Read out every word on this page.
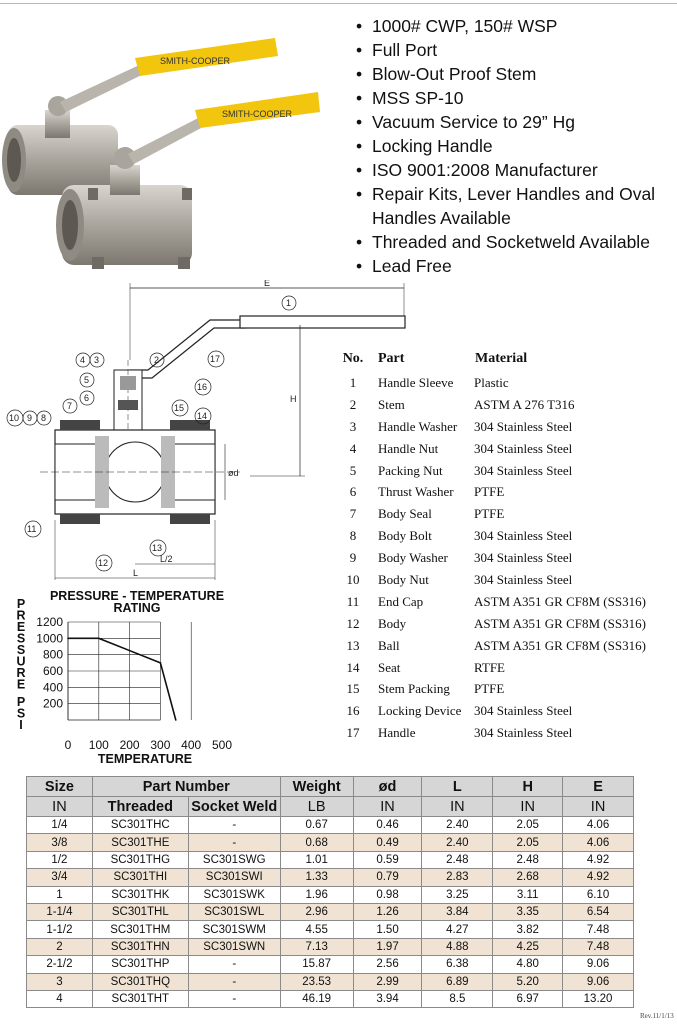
SMITH-COOPER
SMITH-COOPER
• 1000# CWP, 150# WSP
• Full Port
• Blow-Out Proof Stem
• MSS SP-10
• Vacuum Service to 29” Hg
• Locking Handle
• ISO 9001:2008 Manufacturer
• Repair Kits, Lever Handles and Oval Handles Available
• Threaded and Socketweld Available
• Lead Free
E
H
ød
L
L/2
1
2
3
4
5
6
7
8
9
10
11
12
13
14
15
16
17	No.	Part	Material
1	Handle Sleeve	Plastic
2	Stem	ASTM A 276 T316
3	Handle Washer	304 Stainless Steel
4	Handle Nut	304 Stainless Steel
5	Packing Nut	304 Stainless Steel
6	Thrust Washer	PTFE
7	Body Seal	PTFE
8	Body Bolt	304 Stainless Steel
9	Body Washer	304 Stainless Steel
10	Body Nut	304 Stainless Steel
11	End Cap	ASTM A351 GR CF8M (SS316)
12	Body	ASTM A351 GR CF8M (SS316)
13	Ball	ASTM A351 GR CF8M (SS316)
14	Seat	RTFE
15	Stem Packing	PTFE
16	Locking Device	304 Stainless Steel
17	Handle	304 Stainless Steel
PRESSURE - TEMPERATURE
RATING
200
400
600
800
1000
1200
0 100 200 300 400 500
P
R
E
S
S
U
R
E
P
S
I
TEMPERATURE
Size	Part Number		Weight	ød	L	H	E
IN	Threaded	Socket Weld	LB	IN	IN	IN	IN
1/4	SC301THC	-	0.67	0.46	2.40	2.05	4.06
3/8	SC301THE	-	0.68	0.49	2.40	2.05	4.06
1/2	SC301THG	SC301SWG	1.01	0.59	2.48	2.48	4.92
3/4	SC301THI	SC301SWI	1.33	0.79	2.83	2.68	4.92
1	SC301THK	SC301SWK	1.96	0.98	3.25	3.11	6.10
1-1/4	SC301THL	SC301SWL	2.96	1.26	3.84	3.35	6.54
1-1/2	SC301THM	SC301SWM	4.55	1.50	4.27	3.82	7.48
2	SC301THN	SC301SWN	7.13	1.97	4.88	4.25	7.48
2-1/2	SC301THP	-	15.87	2.56	6.38	4.80	9.06
3	SC301THQ	-	23.53	2.99	6.89	5.20	9.06
4	SC301THT	-	46.19	3.94	8.5	6.97	13.20
Rev.11/1/13
